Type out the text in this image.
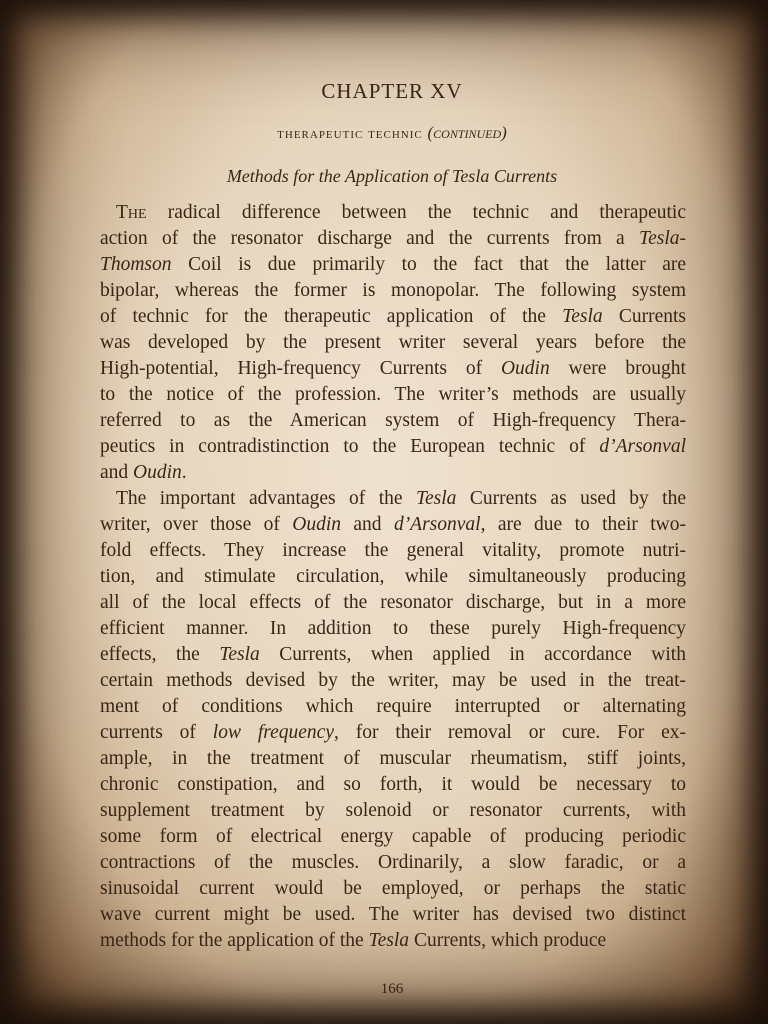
CHAPTER XV
therapeutic technic (continued)
Methods for the Application of Tesla Currents
The radical difference between the technic and therapeutic
action of the resonator discharge and the currents from a Tesla-
Thomson Coil is due primarily to the fact that the latter are
bipolar, whereas the former is monopolar. The following system
of technic for the therapeutic application of the Tesla Currents
was developed by the present writer several years before the
High-potential, High-frequency Currents of Oudin were brought
to the notice of the profession. The writer’s methods are usually
referred to as the American system of High-frequency Thera-
peutics in contradistinction to the European technic of d’Arsonval
and Oudin.
The important advantages of the Tesla Currents as used by the
writer, over those of Oudin and d’Arsonval, are due to their two-
fold effects. They increase the general vitality, promote nutri-
tion, and stimulate circulation, while simultaneously producing
all of the local effects of the resonator discharge, but in a more
efficient manner. In addition to these purely High-frequency
effects, the Tesla Currents, when applied in accordance with
certain methods devised by the writer, may be used in the treat-
ment of conditions which require interrupted or alternating
currents of low frequency, for their removal or cure. For ex-
ample, in the treatment of muscular rheumatism, stiff joints,
chronic constipation, and so forth, it would be necessary to
supplement treatment by solenoid or resonator currents, with
some form of electrical energy capable of producing periodic
contractions of the muscles. Ordinarily, a slow faradic, or a
sinusoidal current would be employed, or perhaps the static
wave current might be used. The writer has devised two distinct
methods for the application of the Tesla Currents, which produce
166
